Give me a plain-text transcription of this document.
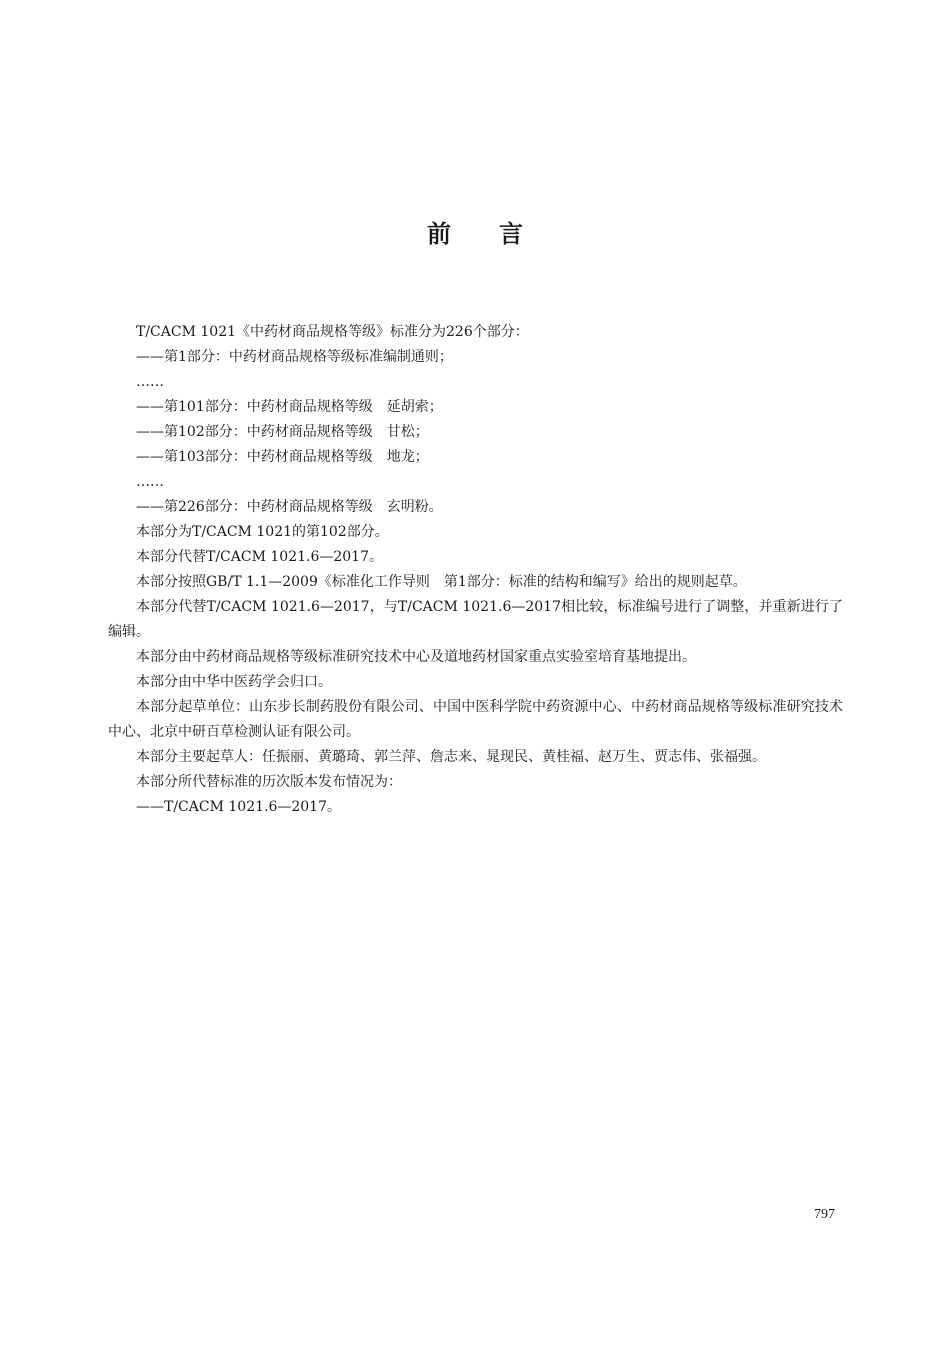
前 言

T/CACM 1021《中药材商品规格等级》标准分为226个部分：

——第1部分：中药材商品规格等级标准编制通则；

……

——第101部分：中药材商品规格等级　延胡索；

——第102部分：中药材商品规格等级　甘松；

——第103部分：中药材商品规格等级　地龙；

……

——第226部分：中药材商品规格等级　玄明粉。

本部分为T/CACM 1021的第102部分。

本部分代替T/CACM 1021.6—2017。

本部分按照GB/T 1.1—2009《标准化工作导则　第1部分：标准的结构和编写》给出的规则起草。

本部分代替T/CACM 1021.6—2017，与T/CACM 1021.6—2017相比较，标准编号进行了调整，并重新进行了编辑。

本部分由中药材商品规格等级标准研究技术中心及道地药材国家重点实验室培育基地提出。

本部分由中华中医药学会归口。

本部分起草单位：山东步长制药股份有限公司、中国中医科学院中药资源中心、中药材商品规格等级标准研究技术中心、北京中研百草检测认证有限公司。

本部分主要起草人：任振丽、黄璐琦、郭兰萍、詹志来、晁现民、黄桂福、赵万生、贾志伟、张福强。

本部分所代替标准的历次版本发布情况为：

——T/CACM 1021.6—2017。

797
